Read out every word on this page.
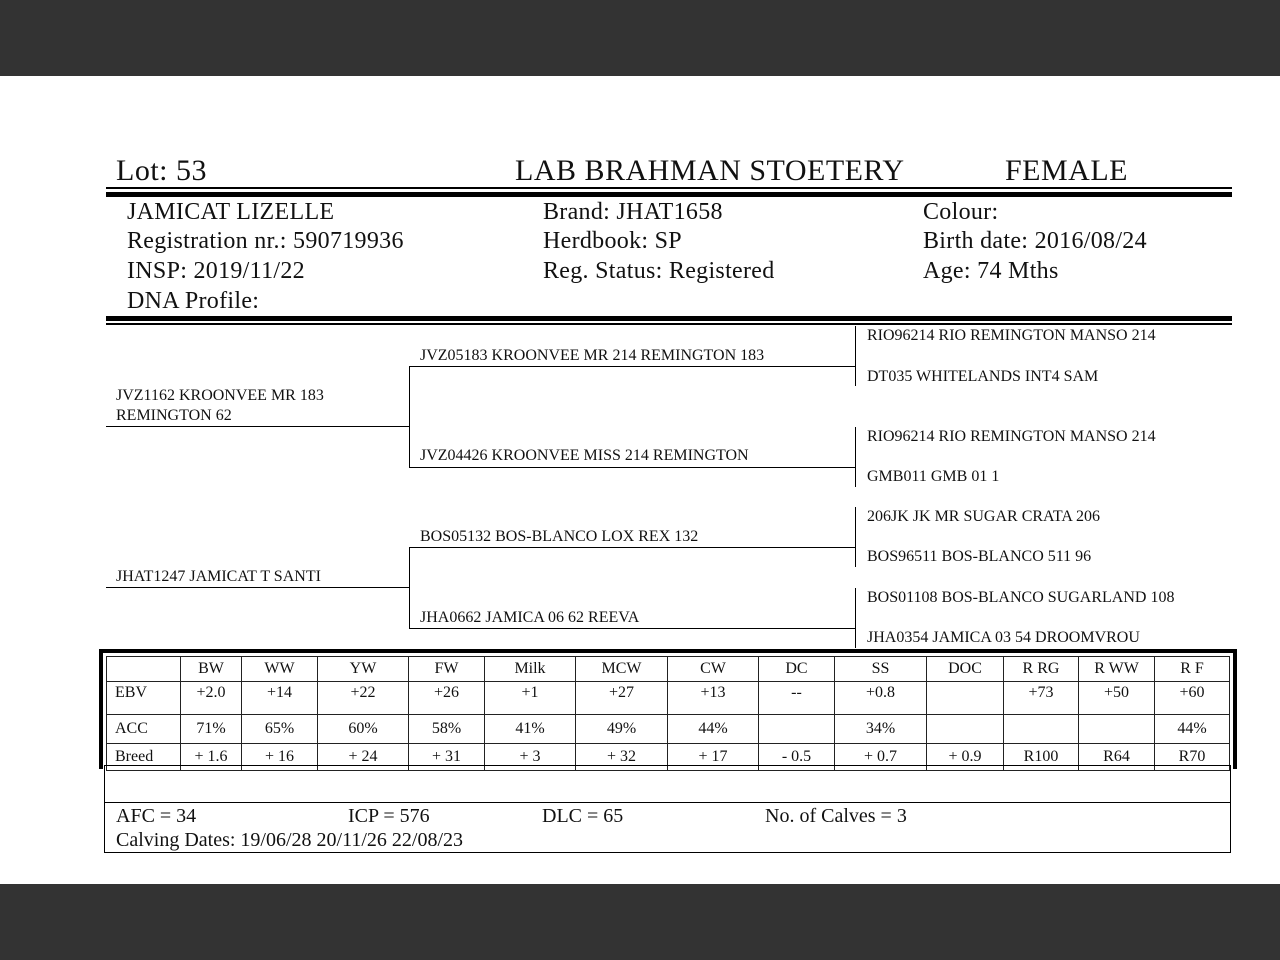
Lot: 53	LAB BRAHMAN STOETERY	FEMALE
JAMICAT LIZELLE
Registration nr.: 590719936
INSP: 2019/11/22
DNA Profile:
Brand: JHAT1658
Herdbook: SP
Reg. Status: Registered
Colour:
Birth date: 2016/08/24
Age: 74 Mths
JVZ1162 KROONVEE MR 183
REMINGTON 62
JHAT1247 JAMICAT T SANTI
JVZ05183 KROONVEE MR 214 REMINGTON 183
JVZ04426 KROONVEE MISS 214 REMINGTON
BOS05132 BOS-BLANCO LOX REX 132
JHA0662 JAMICA 06 62 REEVA
RIO96214 RIO REMINGTON MANSO 214
DT035 WHITELANDS INT4 SAM
RIO96214 RIO REMINGTON MANSO 214
GMB011 GMB 01 1
206JK JK MR SUGAR CRATA 206
BOS96511 BOS-BLANCO 511 96
BOS01108 BOS-BLANCO SUGARLAND 108
JHA0354 JAMICA 03 54 DROOMVROU
	BW	WW	YW	FW	Milk	MCW	CW	DC	SS	DOC	R RG	R WW	R F
EBV	+2.0	+14	+22	+26	+1	+27	+13	--	+0.8		+73	+50	+60
ACC	71%	65%	60%	58%	41%	49%	44%		34%				44%
Breed	+ 1.6	+ 16	+ 24	+ 31	+ 3	+ 32	+ 17	- 0.5	+ 0.7	+ 0.9	R100	R64	R70
AFC = 34	ICP = 576	DLC = 65	No. of Calves = 3
Calving Dates: 19/06/28 20/11/26 22/08/23
